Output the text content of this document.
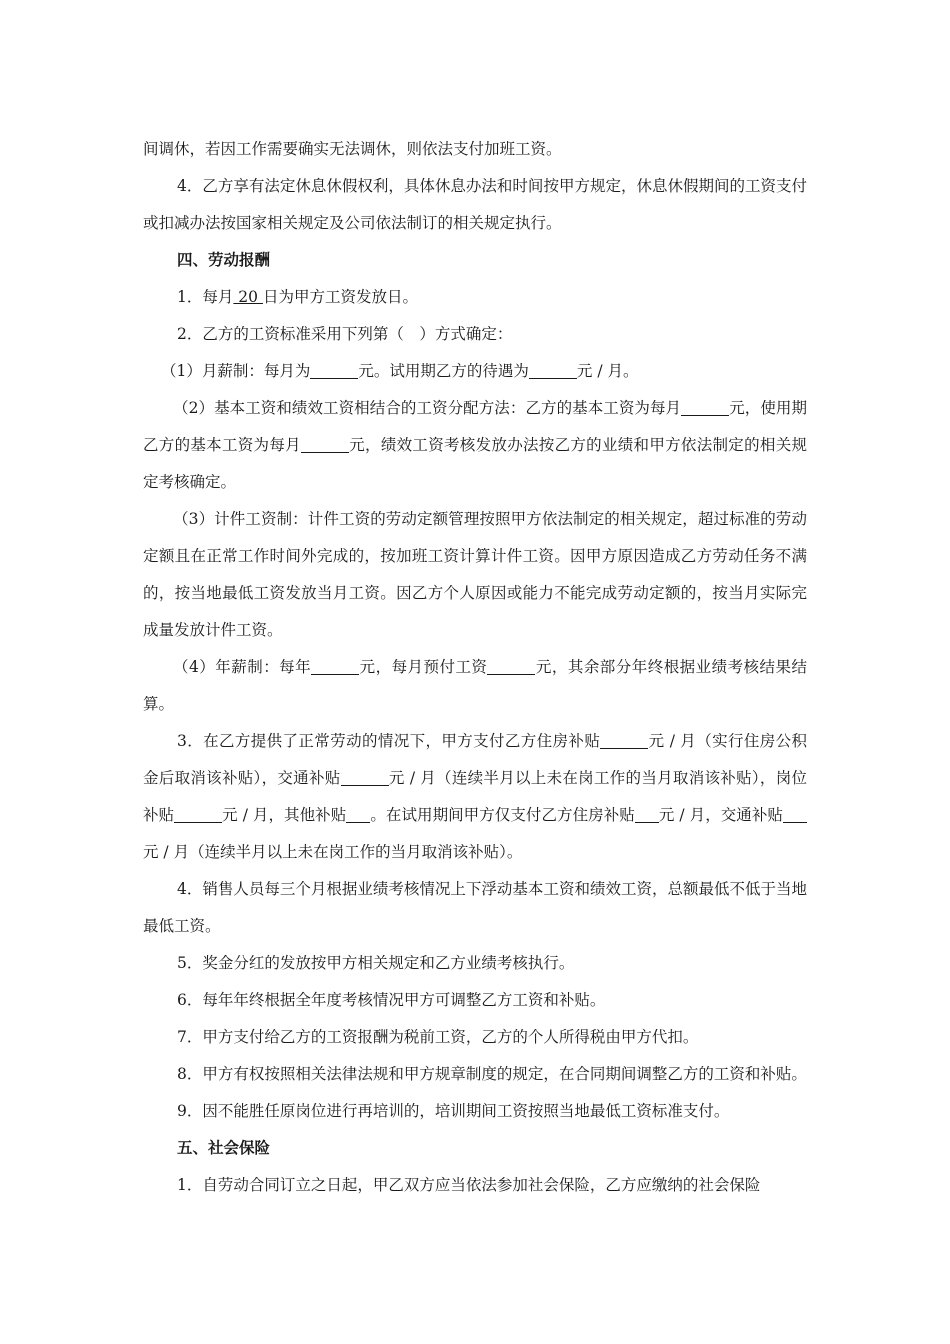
间调休，若因工作需要确实无法调休，则依法支付加班工资。

4．乙方享有法定休息休假权利，具体休息办法和时间按甲方规定，休息休假期间的工资支付或扣减办法按国家相关规定及公司依法制订的相关规定执行。

四、劳动报酬

1．每月 20 日为甲方工资发放日。

2．乙方的工资标准采用下列第（　）方式确定：

（1）月薪制：每月为	元。试用期乙方的待遇为	元 / 月。

（2）基本工资和绩效工资相结合的工资分配方法：乙方的基本工资为每月	元，使用期乙方的基本工资为每月	元，绩效工资考核发放办法按乙方的业绩和甲方依法制定的相关规定考核确定。

（3）计件工资制：计件工资的劳动定额管理按照甲方依法制定的相关规定，超过标准的劳动定额且在正常工作时间外完成的，按加班工资计算计件工资。因甲方原因造成乙方劳动任务不满的，按当地最低工资发放当月工资。因乙方个人原因或能力不能完成劳动定额的，按当月实际完成量发放计件工资。

（4）年薪制：每年	元，每月预付工资	元，其余部分年终根据业绩考核结果结算。

3．在乙方提供了正常劳动的情况下，甲方支付乙方住房补贴	元 / 月（实行住房公积金后取消该补贴），交通补贴	元 / 月（连续半月以上未在岗工作的当月取消该补贴），岗位补贴	元 / 月，其他补贴 。在试用期间甲方仅支付乙方住房补贴 元 / 月，交通补贴元 / 月（连续半月以上未在岗工作的当月取消该补贴）。

4．销售人员每三个月根据业绩考核情况上下浮动基本工资和绩效工资，总额最低不低于当地最低工资。

5．奖金分红的发放按甲方相关规定和乙方业绩考核执行。

6．每年年终根据全年度考核情况甲方可调整乙方工资和补贴。

7．甲方支付给乙方的工资报酬为税前工资，乙方的个人所得税由甲方代扣。

8．甲方有权按照相关法律法规和甲方规章制度的规定，在合同期间调整乙方的工资和补贴。

9．因不能胜任原岗位进行再培训的，培训期间工资按照当地最低工资标准支付。

五、社会保险

1．自劳动合同订立之日起，甲乙双方应当依法参加社会保险，乙方应缴纳的社会保险
